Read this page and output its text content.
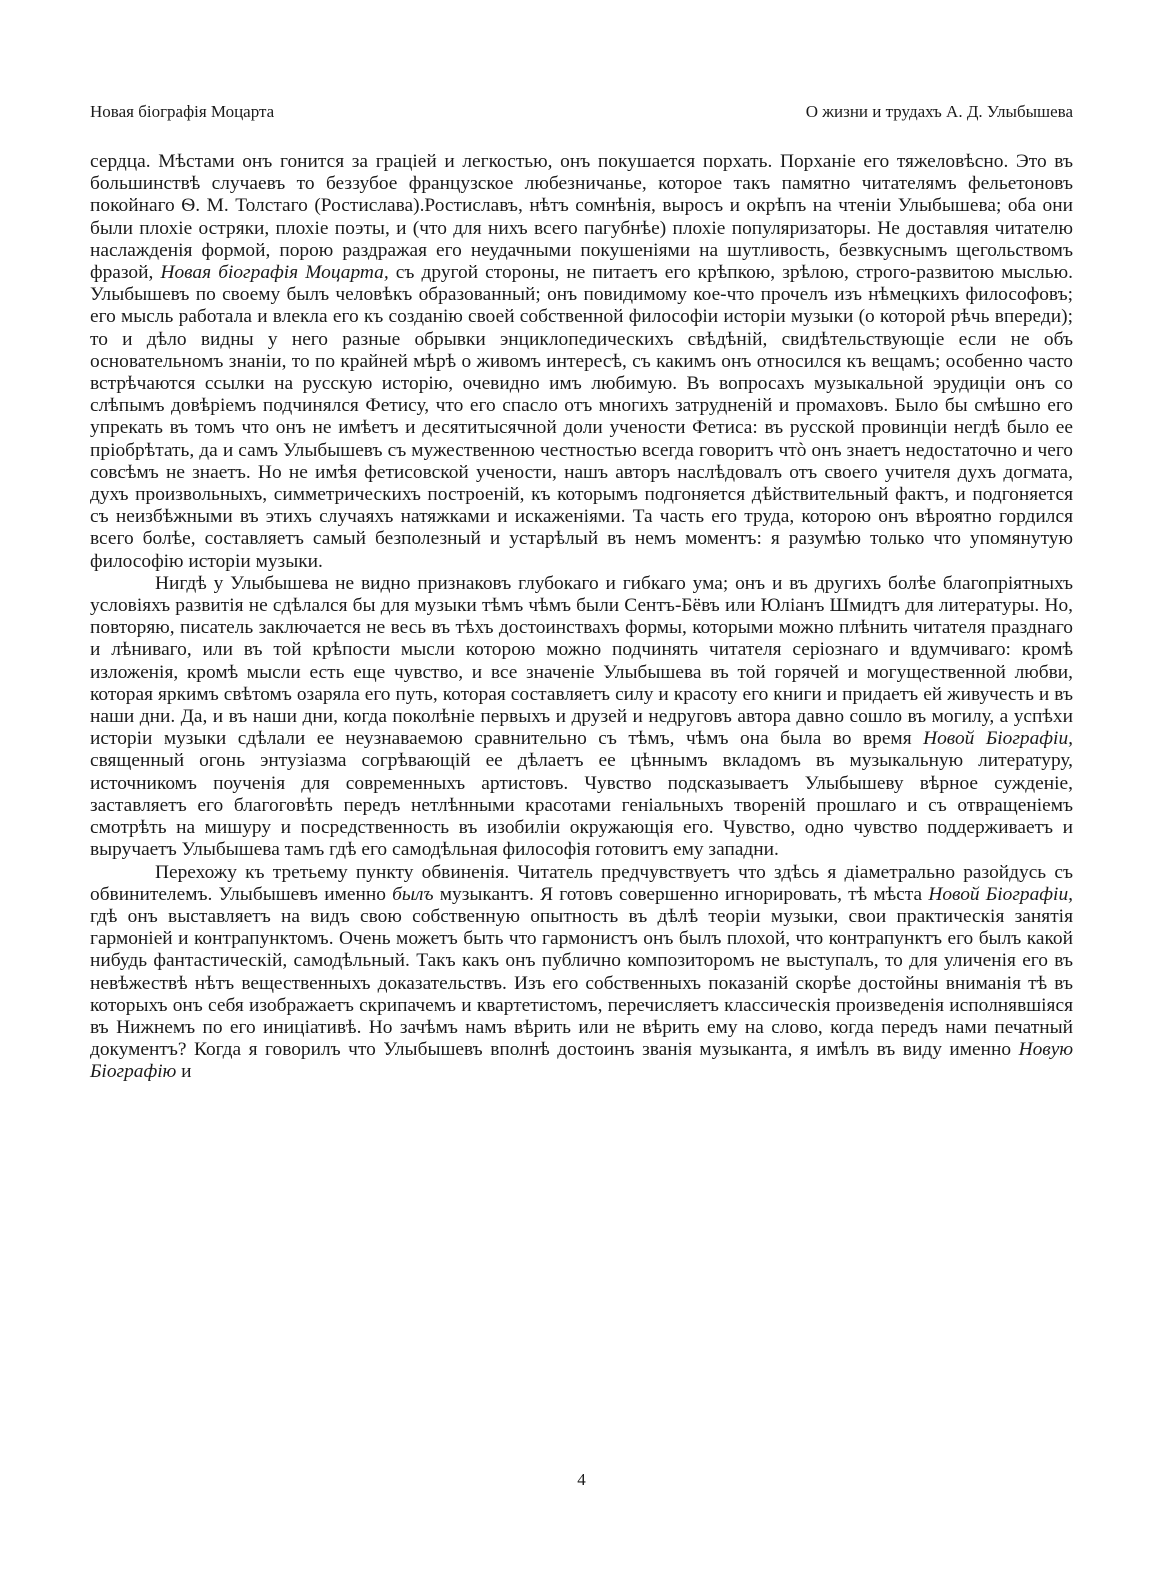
Новая біографія Моцарта	О жизни и трудахъ А. Д. Улыбышева

сердца. Мѣстами онъ гонится за граціей и легкостью, онъ покушается порхать. Порханіе его тяжеловѣсно. Это въ большинствѣ случаевъ то беззубое французское любезничанье, которое такъ памятно читателямъ фельетоновъ покойнаго Ѳ. М. Толстаго (Ростислава).Ростиславъ, нѣтъ сомнѣнія, выросъ и окрѣпъ на чтеніи Улыбышева; оба они были плохіе остряки, плохіе поэты, и (что для нихъ всего пагубнѣе) плохіе популяризаторы. Не доставляя читателю наслажденія формой, порою раздражая его неудачными покушеніями на шутливость, безвкуснымъ щегольствомъ фразой, Новая біографія Моцарта, съ другой стороны, не питаетъ его крѣпкою, зрѣлою, строго-развитою мыслью. Улыбышевъ по своему былъ человѣкъ образованный; онъ повидимому кое-что прочелъ изъ нѣмецкихъ философовъ; его мысль работала и влекла его къ созданію своей собственной философіи исторіи музыки (о которой рѣчь впереди); то и дѣло видны у него разные обрывки энциклопедическихъ свѣдѣній, свидѣтельствующіе если не объ основательномъ знаніи, то по крайней мѣрѣ о живомъ интересѣ, съ какимъ онъ относился къ вещамъ; особенно часто встрѣчаются ссылки на русскую исторію, очевидно имъ любимую. Въ вопросахъ музыкальной эрудиціи онъ со слѣпымъ довѣріемъ подчинялся Фетису, что его спасло отъ многихъ затрудненій и промаховъ. Было бы смѣшно его упрекать въ томъ что онъ не имѣетъ и десятитысячной доли учености Фетиса: въ русской провинціи негдѣ было ее пріобрѣтать, да и самъ Улыбышевъ съ мужественною честностью всегда говоритъ чтò онъ знаетъ недостаточно и чего совсѣмъ не знаетъ. Но не имѣя фетисовской учености, нашъ авторъ наслѣдовалъ отъ своего учителя духъ догмата, духъ произвольныхъ, симметрическихъ построеній, къ которымъ подгоняется дѣйствительный фактъ, и подгоняется съ неизбѣжными въ этихъ случаяхъ натяжками и искаженіями. Та часть его труда, которою онъ вѣроятно гордился всего болѣе, составляетъ самый безполезный и устарѣлый въ немъ моментъ: я разумѣю только что упомянутую философію исторіи музыки.

Нигдѣ у Улыбышева не видно признаковъ глубокаго и гибкаго ума; онъ и въ другихъ болѣе благопріятныхъ условіяхъ развитія не сдѣлался бы для музыки тѣмъ чѣмъ были Сентъ-Бёвъ или Юліанъ Шмидтъ для литературы. Но, повторяю, писатель заключается не весь въ тѣхъ достоинствахъ формы, которыми можно плѣнить читателя празднаго и лѣниваго, или въ той крѣпости мысли которою можно подчинять читателя серіознаго и вдумчиваго: кромѣ изложенія, кромѣ мысли есть еще чувство, и все значеніе Улыбышева въ той горячей и могущественной любви, которая яркимъ свѣтомъ озаряла его путь, которая составляетъ силу и красоту его книги и придаетъ ей живучесть и въ наши дни. Да, и въ наши дни, когда поколѣніе первыхъ и друзей и недруговъ автора давно сошло въ могилу, а успѣхи исторіи музыки сдѣлали ее неузнаваемою сравнительно съ тѣмъ, чѣмъ она была во время Новой Біографіи, священный огонь энтузіазма согрѣвающій ее дѣлаетъ ее цѣннымъ вкладомъ въ музыкальную литературу, источникомъ поученія для современныхъ артистовъ. Чувство подсказываетъ Улыбышеву вѣрное сужденіе, заставляетъ его благоговѣть передъ нетлѣнными красотами геніальныхъ твореній прошлаго и съ отвращеніемъ смотрѣть на мишуру и посредственность въ изобиліи окружающія его. Чувство, одно чувство поддерживаетъ и выручаетъ Улыбышева тамъ гдѣ его самодѣльная философія готовитъ ему западни.

Перехожу къ третьему пункту обвиненія. Читатель предчувствуетъ что здѣсь я діаметрально разойдусь съ обвинителемъ. Улыбышевъ именно былъ музыкантъ. Я готовъ совершенно игнорировать, тѣ мѣста Новой Біографіи, гдѣ онъ выставляетъ на видъ свою собственную опытность въ дѣлѣ теоріи музыки, свои практическія занятія гармоніей и контрапунктомъ. Очень можетъ быть что гармонистъ онъ былъ плохой, что контрапунктъ его былъ какой нибудь фантастическій, самодѣльный. Такъ какъ онъ публично композиторомъ не выступалъ, то для уличенія его въ невѣжествѣ нѣтъ вещественныхъ доказательствъ. Изъ его собственныхъ показаній скорѣе достойны вниманія тѣ въ которыхъ онъ себя изображаетъ скрипачемъ и квартетистомъ, перечисляетъ классическія произведенія исполнявшіяся въ Нижнемъ по его иниціативѣ. Но зачѣмъ намъ вѣрить или не вѣрить ему на слово, когда передъ нами печатный документъ? Когда я говорилъ что Улыбышевъ вполнѣ достоинъ званія музыканта, я имѣлъ въ виду именно Новую Біографію и

4
